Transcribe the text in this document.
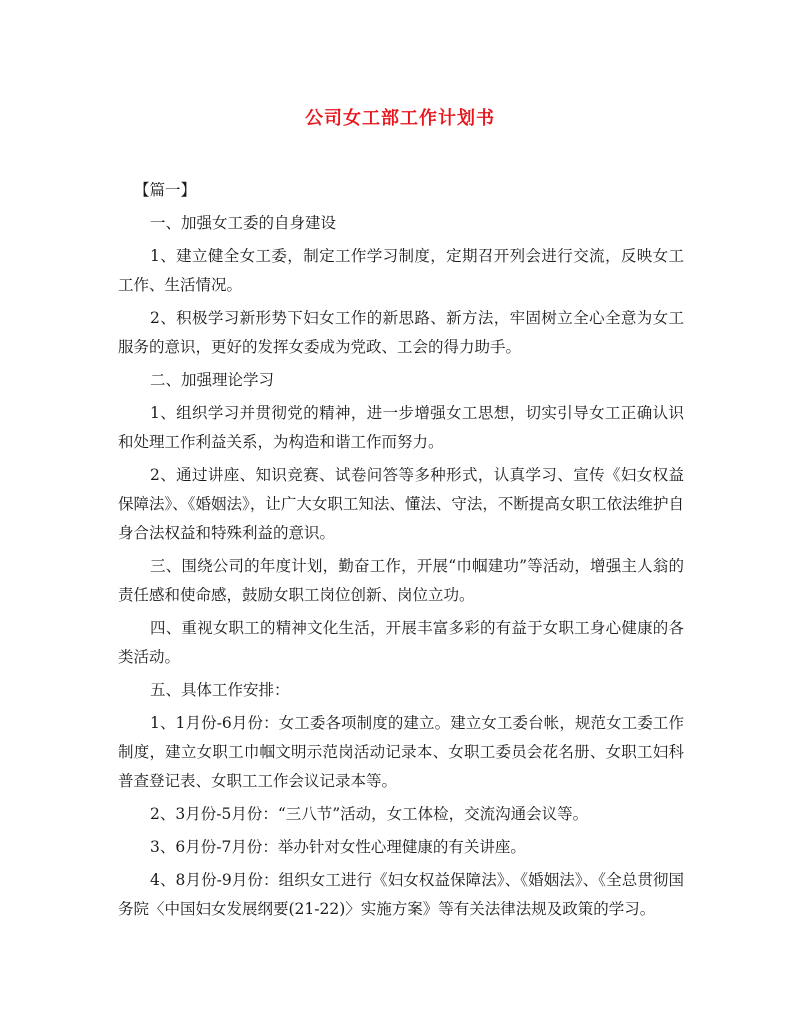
公司女工部工作计划书

【篇一】

一、加强女工委的自身建设

1、建立健全女工委，制定工作学习制度，定期召开列会进行交流，反映女工工作、生活情况。

2、积极学习新形势下妇女工作的新思路、新方法，牢固树立全心全意为女工服务的意识，更好的发挥女委成为党政、工会的得力助手。

二、加强理论学习

1、组织学习并贯彻党的精神，进一步增强女工思想，切实引导女工正确认识和处理工作利益关系，为构造和谐工作而努力。

2、通过讲座、知识竞赛、试卷问答等多种形式，认真学习、宣传《妇女权益保障法》、《婚姻法》，让广大女职工知法、懂法、守法，不断提高女职工依法维护自身合法权益和特殊利益的意识。

三、围绕公司的年度计划，勤奋工作，开展“巾帼建功”等活动，增强主人翁的责任感和使命感，鼓励女职工岗位创新、岗位立功。

四、重视女职工的精神文化生活，开展丰富多彩的有益于女职工身心健康的各类活动。

五、具体工作安排：

1、1月份-6月份：女工委各项制度的建立。建立女工委台帐，规范女工委工作制度，建立女职工巾帼文明示范岗活动记录本、女职工委员会花名册、女职工妇科普查登记表、女职工工作会议记录本等。

2、3月份-5月份：“三八节”活动，女工体检，交流沟通会议等。

3、6月份-7月份：举办针对女性心理健康的有关讲座。

4、8月份-9月份：组织女工进行《妇女权益保障法》、《婚姻法》、《全总贯彻国务院〈中国妇女发展纲要(21-22)〉实施方案》等有关法律法规及政策的学习。
